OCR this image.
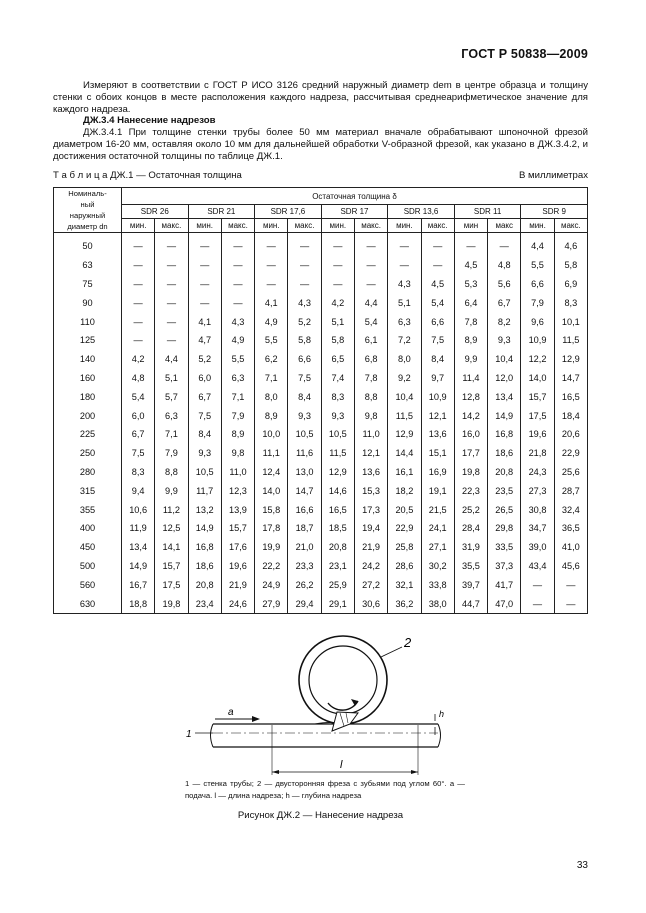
ГОСТ Р 50838—2009
Измеряют в соответствии с ГОСТ Р ИСО 3126 средний наружный диаметр dem в центре образца и толщину стенки с обоих концов в месте расположения каждого надреза, рассчитывая среднеарифметическое значение для каждого надреза.
ДЖ.3.4 Нанесение надрезов
ДЖ.3.4.1 При толщине стенки трубы более 50 мм материал вначале обрабатывают шпоночной фрезой диаметром 16-20 мм, оставляя около 10 мм для дальнейшей обработки V-образной фрезой, как указано в ДЖ.3.4.2, и достижения остаточной толщины по таблице ДЖ.1.
Т а б л и ц а ДЖ.1 — Остаточная толщина	В миллиметрах
Номиналь-
ный
наружный
диаметр dn	Остаточная толщина δ													
	SDR 26		SDR 21		SDR 17,6		SDR 17		SDR 13,6		SDR 11		SDR 9	
	мин.	макс.	мин.	макс.	мин.	макс.	мин.	макс.	мин.	макс.	мин	макс	мин.	макс.
50	—	—	—	—	—	—	—	—	—	—	—	—	4,4	4,6
63	—	—	—	—	—	—	—	—	—	—	4,5	4,8	5,5	5,8
75	—	—	—	—	—	—	—	—	4,3	4,5	5,3	5,6	6,6	6,9
90	—	—	—	—	4,1	4,3	4,2	4,4	5,1	5,4	6,4	6,7	7,9	8,3
110	—	—	4,1	4,3	4,9	5,2	5,1	5,4	6,3	6,6	7,8	8,2	9,6	10,1
125	—	—	4,7	4,9	5,5	5,8	5,8	6,1	7,2	7,5	8,9	9,3	10,9	11,5
140	4,2	4,4	5,2	5,5	6,2	6,6	6,5	6,8	8,0	8,4	9,9	10,4	12,2	12,9
160	4,8	5,1	6,0	6,3	7,1	7,5	7,4	7,8	9,2	9,7	11,4	12,0	14,0	14,7
180	5,4	5,7	6,7	7,1	8,0	8,4	8,3	8,8	10,4	10,9	12,8	13,4	15,7	16,5
200	6,0	6,3	7,5	7,9	8,9	9,3	9,3	9,8	11,5	12,1	14,2	14,9	17,5	18,4
225	6,7	7,1	8,4	8,9	10,0	10,5	10,5	11,0	12,9	13,6	16,0	16,8	19,6	20,6
250	7,5	7,9	9,3	9,8	11,1	11,6	11,5	12,1	14,4	15,1	17,7	18,6	21,8	22,9
280	8,3	8,8	10,5	11,0	12,4	13,0	12,9	13,6	16,1	16,9	19,8	20,8	24,3	25,6
315	9,4	9,9	11,7	12,3	14,0	14,7	14,6	15,3	18,2	19,1	22,3	23,5	27,3	28,7
355	10,6	11,2	13,2	13,9	15,8	16,6	16,5	17,3	20,5	21,5	25,2	26,5	30,8	32,4
400	11,9	12,5	14,9	15,7	17,8	18,7	18,5	19,4	22,9	24,1	28,4	29,8	34,7	36,5
450	13,4	14,1	16,8	17,6	19,9	21,0	20,8	21,9	25,8	27,1	31,9	33,5	39,0	41,0
500	14,9	15,7	18,6	19,6	22,2	23,3	23,1	24,2	28,6	30,2	35,5	37,3	43,4	45,6
560	16,7	17,5	20,8	21,9	24,9	26,2	25,9	27,2	32,1	33,8	39,7	41,7	—	—
630	18,8	19,8	23,4	24,6	27,9	29,4	29,1	30,6	36,2	38,0	44,7	47,0	—	—
2
a
1
l
h
1 — стенка трубы; 2 — двусторонняя фреза с зубьями под углом 60°. a — подача. l — длина надреза; h — глубина надреза
Рисунок ДЖ.2 — Нанесение надреза
33
